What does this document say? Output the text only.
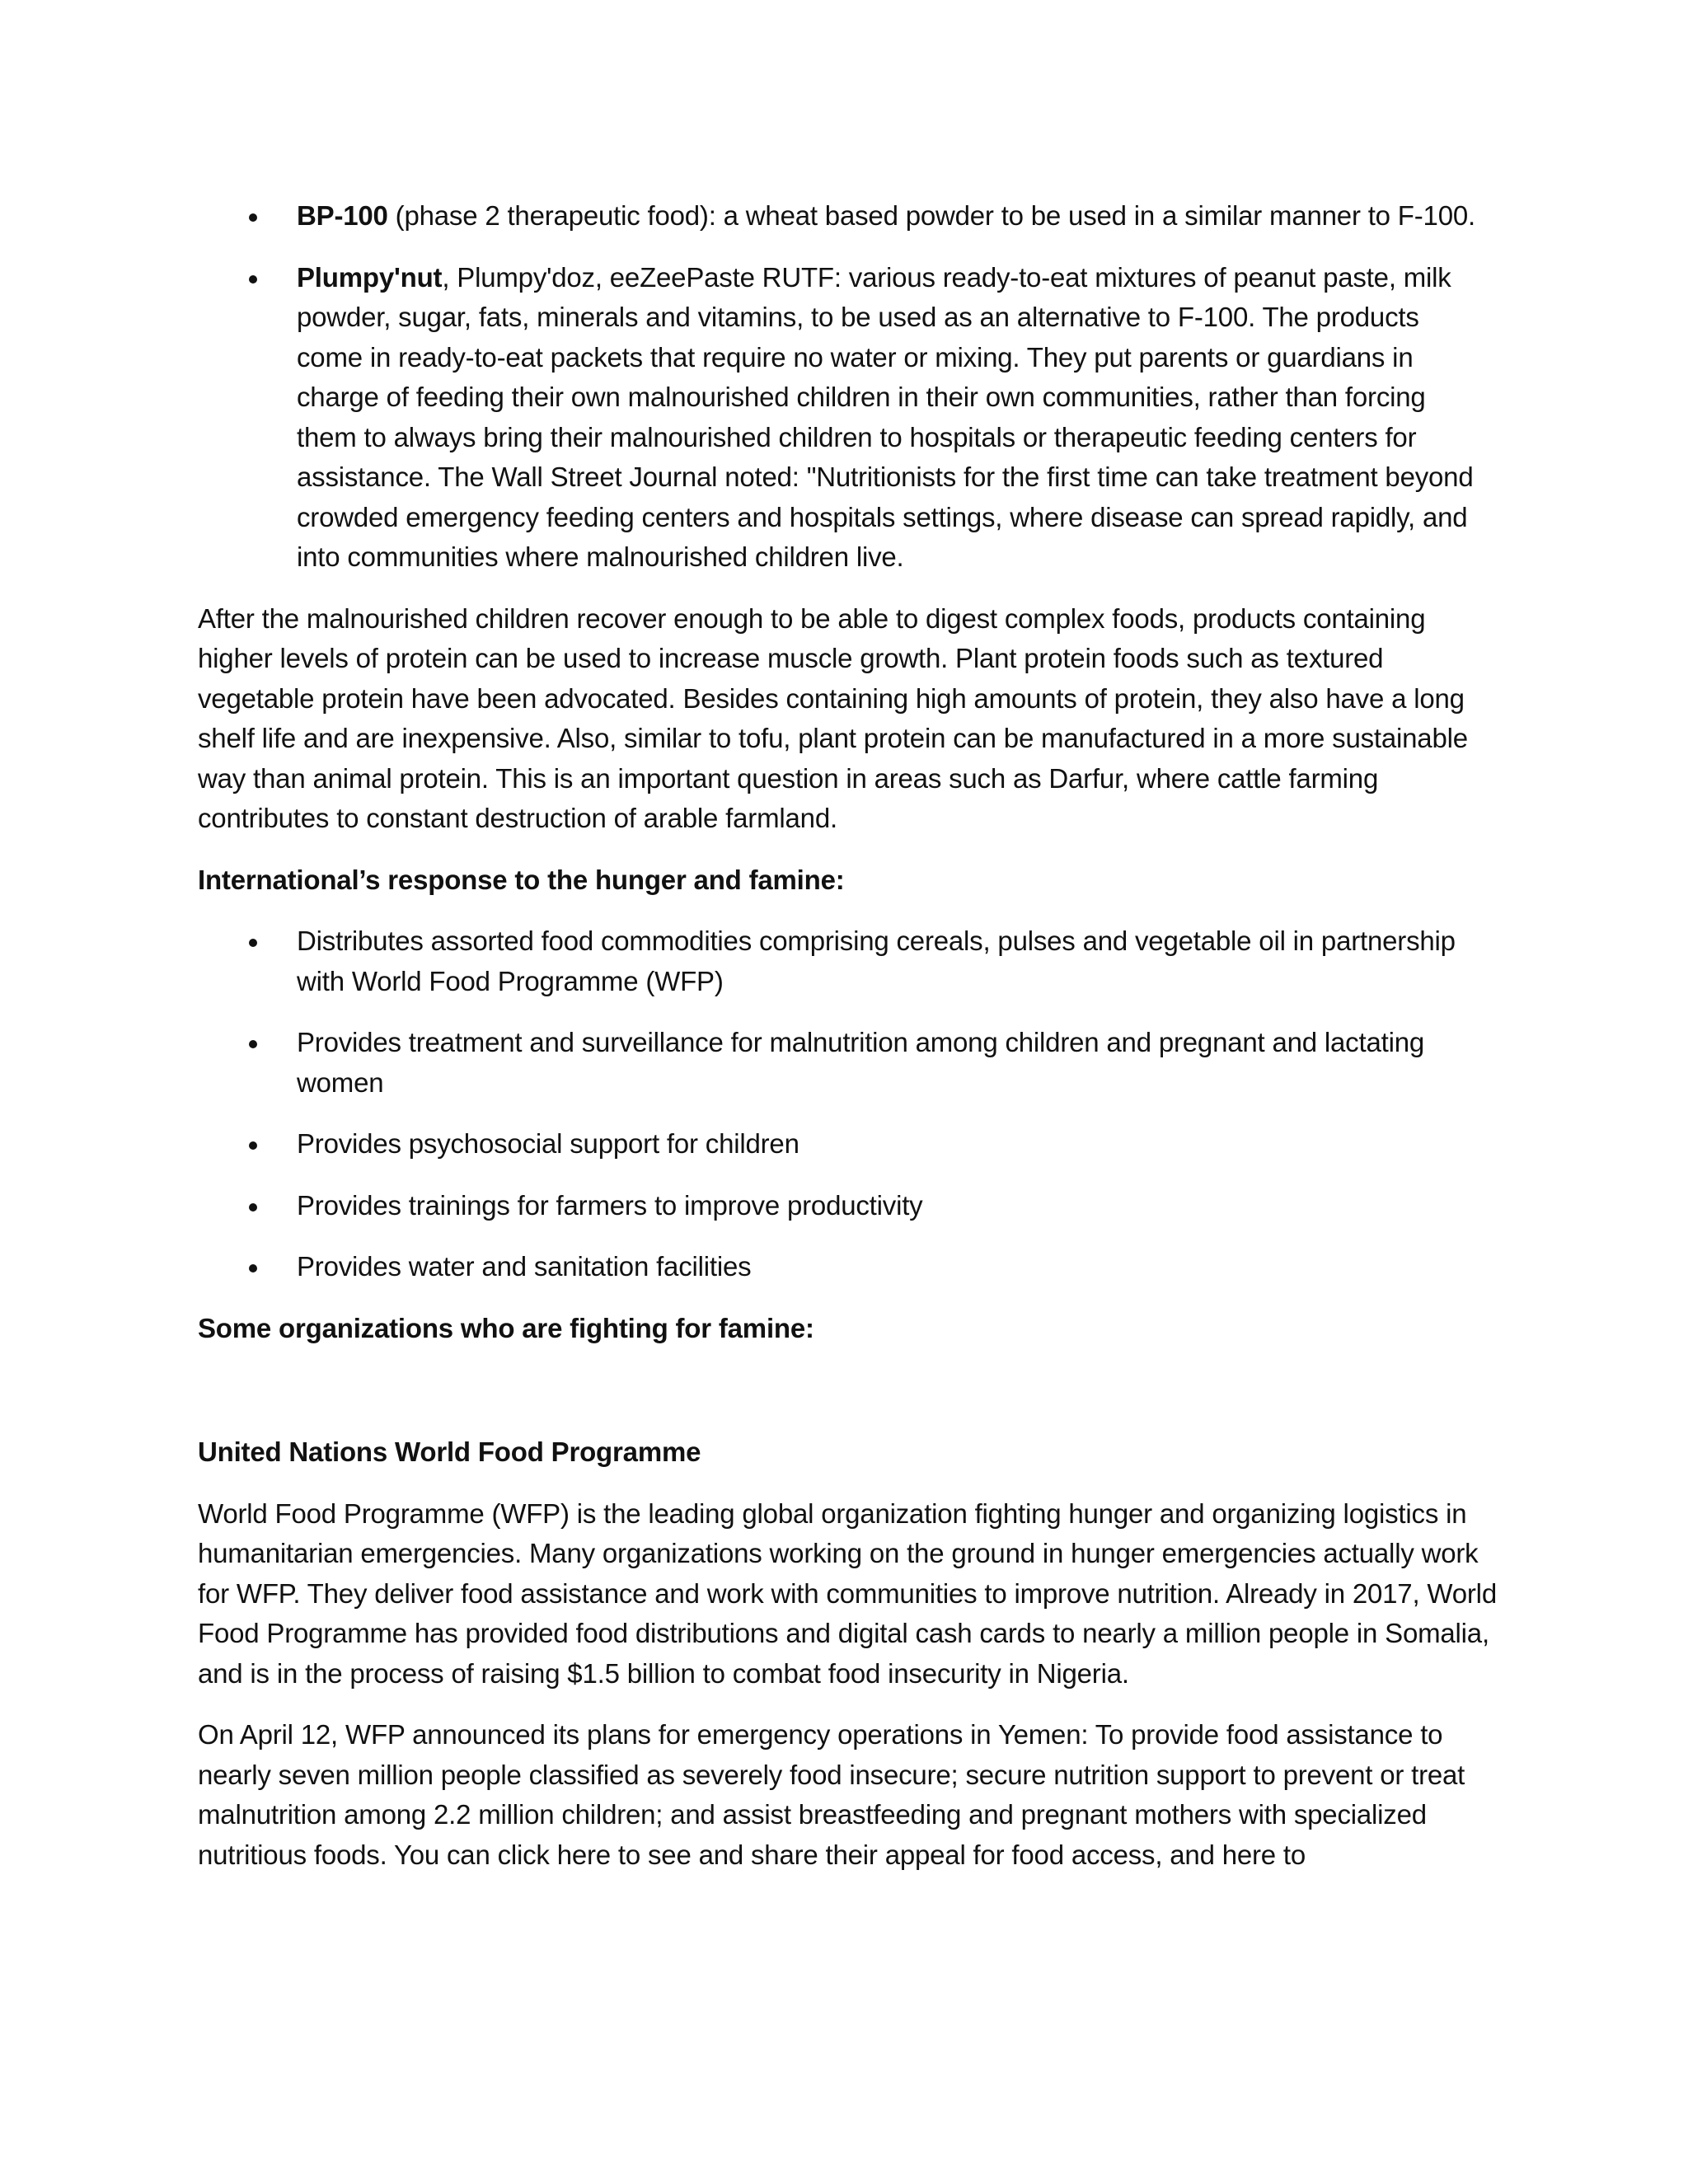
BP-100 (phase 2 therapeutic food): a wheat based powder to be used in a similar manner to F-100.
Plumpy'nut, Plumpy'doz, eeZeePaste RUTF: various ready-to-eat mixtures of peanut paste, milk powder, sugar, fats, minerals and vitamins, to be used as an alternative to F-100. The products come in ready-to-eat packets that require no water or mixing. They put parents or guardians in charge of feeding their own malnourished children in their own communities, rather than forcing them to always bring their malnourished children to hospitals or therapeutic feeding centers for assistance. The Wall Street Journal noted: "Nutritionists for the first time can take treatment beyond crowded emergency feeding centers and hospitals settings, where disease can spread rapidly, and into communities where malnourished children live.

After the malnourished children recover enough to be able to digest complex foods, products containing higher levels of protein can be used to increase muscle growth. Plant protein foods such as textured vegetable protein have been advocated. Besides containing high amounts of protein, they also have a long shelf life and are inexpensive. Also, similar to tofu, plant protein can be manufactured in a more sustainable way than animal protein. This is an important question in areas such as Darfur, where cattle farming contributes to constant destruction of arable farmland.

International’s response to the hunger and famine:

Distributes assorted food commodities comprising cereals, pulses and vegetable oil in partnership with World Food Programme (WFP)
Provides treatment and surveillance for malnutrition among children and pregnant and lactating women
Provides psychosocial support for children
Provides trainings for farmers to improve productivity
Provides water and sanitation facilities

Some organizations who are fighting for famine:

United Nations World Food Programme

World Food Programme (WFP) is the leading global organization fighting hunger and organizing logistics in humanitarian emergencies. Many organizations working on the ground in hunger emergencies actually work for WFP. They deliver food assistance and work with communities to improve nutrition. Already in 2017, World Food Programme has provided food distributions and digital cash cards to nearly a million people in Somalia, and is in the process of raising $1.5 billion to combat food insecurity in Nigeria.

On April 12, WFP announced its plans for emergency operations in Yemen: To provide food assistance to nearly seven million people classified as severely food insecure; secure nutrition support to prevent or treat malnutrition among 2.2 million children; and assist breastfeeding and pregnant mothers with specialized nutritious foods. You can click here to see and share their appeal for food access, and here to
